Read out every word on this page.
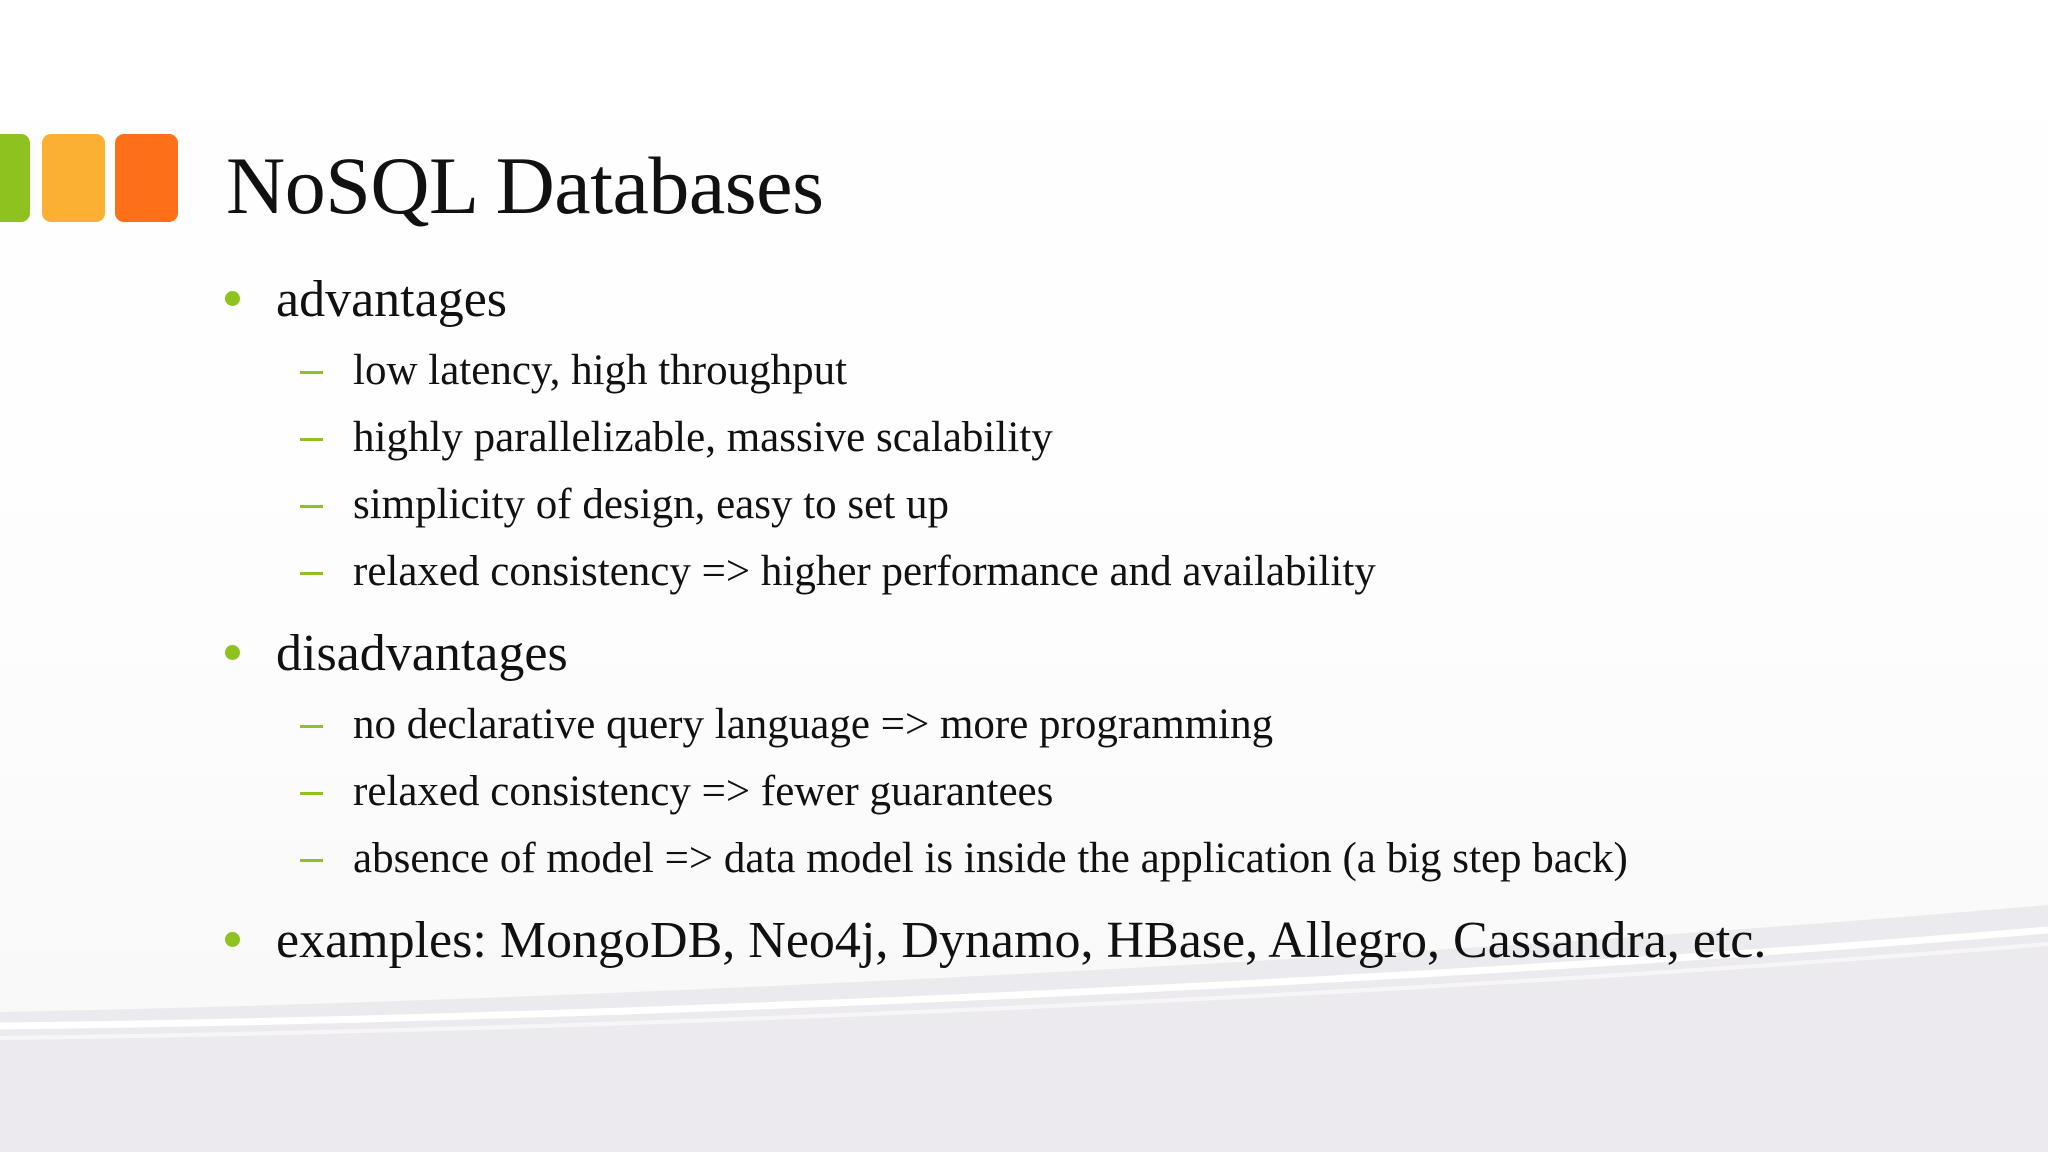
NoSQL Databases
advantages
low latency, high throughput
highly parallelizable, massive scalability
simplicity of design, easy to set up
relaxed consistency => higher performance and availability
disadvantages
no declarative query language => more programming
relaxed consistency => fewer guarantees
absence of model => data model is inside the application (a big step back)
examples: MongoDB, Neo4j, Dynamo, HBase, Allegro, Cassandra, etc.
